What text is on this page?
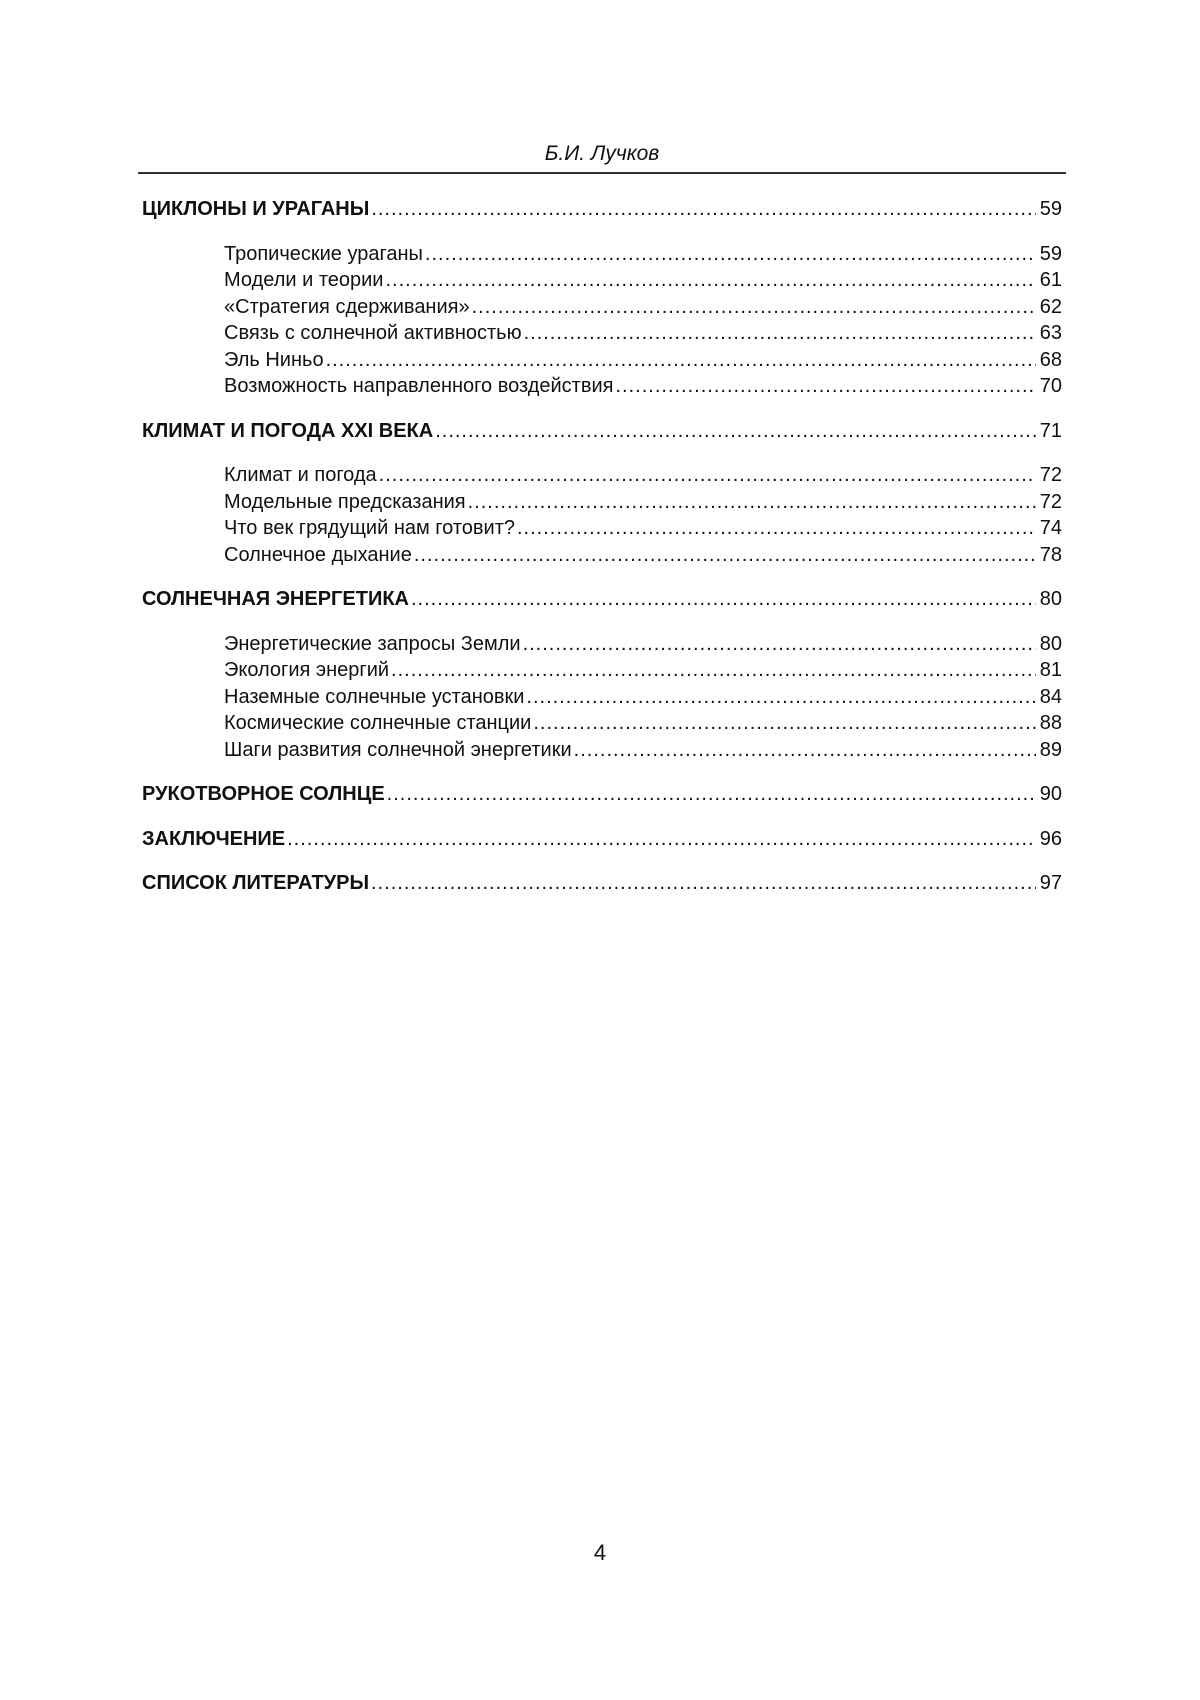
Б.И. Лучков
ЦИКЛОНЫ И УРАГАНЫ .....	59
Тропические ураганы .....	59
Модели и теории .....	61
«Стратегия сдерживания» .....	62
Связь с солнечной активностью .....	63
Эль Ниньо .....	68
Возможность направленного воздействия .....	70
КЛИМАТ И ПОГОДА XXI ВЕКА .....	71
Климат и погода .....	72
Модельные предсказания .....	72
Что век грядущий нам готовит? .....	74
Солнечное дыхание .....	78
СОЛНЕЧНАЯ ЭНЕРГЕТИКА .....	80
Энергетические запросы Земли .....	80
Экология энергий .....	81
Наземные солнечные установки .....	84
Космические солнечные станции .....	88
Шаги развития солнечной энергетики .....	89
РУКОТВОРНОЕ СОЛНЦЕ .....	90
ЗАКЛЮЧЕНИЕ .....	96
СПИСОК ЛИТЕРАТУРЫ .....	97
4
